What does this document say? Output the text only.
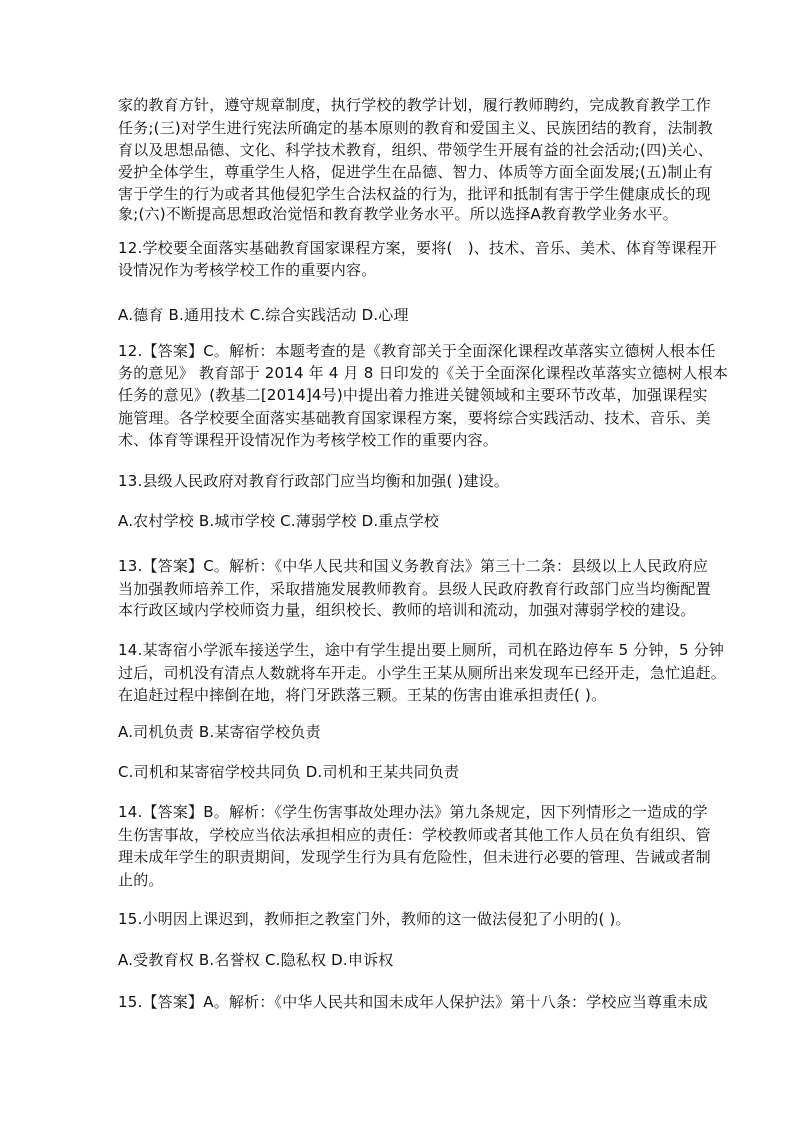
家的教育方针，遵守规章制度，执行学校的教学计划，履行教师聘约，完成教育教学工作
任务;(三)对学生进行宪法所确定的基本原则的教育和爱国主义、民族团结的教育，法制教
育以及思想品德、文化、科学技术教育，组织、带领学生开展有益的社会活动;(四)关心、
爱护全体学生，尊重学生人格，促进学生在品德、智力、体质等方面全面发展;(五)制止有
害于学生的行为或者其他侵犯学生合法权益的行为，批评和抵制有害于学生健康成长的现
象;(六)不断提高思想政治觉悟和教育教学业务水平。所以选择A教育教学业务水平。
12.学校要全面落实基础教育国家课程方案，要将(　)、技术、音乐、美术、体育等课程开
设情况作为考核学校工作的重要内容。
A.德育 B.通用技术 C.综合实践活动 D.心理
12.【答案】C。解析：本题考查的是《教育部关于全面深化课程改革落实立德树人根本任
务的意见》 教育部于 2014 年 4 月 8 日印发的《关于全面深化课程改革落实立德树人根本
任务的意见》(教基二[2014]4号)中提出着力推进关键领域和主要环节改革，加强课程实
施管理。各学校要全面落实基础教育国家课程方案，要将综合实践活动、技术、音乐、美
术、体育等课程开设情况作为考核学校工作的重要内容。
13.县级人民政府对教育行政部门应当均衡和加强( )建设。
A.农村学校 B.城市学校 C.薄弱学校 D.重点学校
13.【答案】C。解析：《中华人民共和国义务教育法》第三十二条：县级以上人民政府应
当加强教师培养工作，采取措施发展教师教育。县级人民政府教育行政部门应当均衡配置
本行政区域内学校师资力量，组织校长、教师的培训和流动，加强对薄弱学校的建设。
14.某寄宿小学派车接送学生，途中有学生提出要上厕所，司机在路边停车 5 分钟，5 分钟
过后，司机没有清点人数就将车开走。小学生王某从厕所出来发现车已经开走，急忙追赶。
在追赶过程中摔倒在地，将门牙跌落三颗。王某的伤害由谁承担责任( )。
A.司机负责 B.某寄宿学校负责
C.司机和某寄宿学校共同负 D.司机和王某共同负责
14.【答案】B。解析：《学生伤害事故处理办法》第九条规定，因下列情形之一造成的学
生伤害事故，学校应当依法承担相应的责任：学校教师或者其他工作人员在负有组织、管
理未成年学生的职责期间，发现学生行为具有危险性，但未进行必要的管理、告诫或者制
止的。
15.小明因上课迟到，教师拒之教室门外，教师的这一做法侵犯了小明的( )。
A.受教育权 B.名誉权 C.隐私权 D.申诉权
15.【答案】A。解析：《中华人民共和国未成年人保护法》第十八条：学校应当尊重未成
